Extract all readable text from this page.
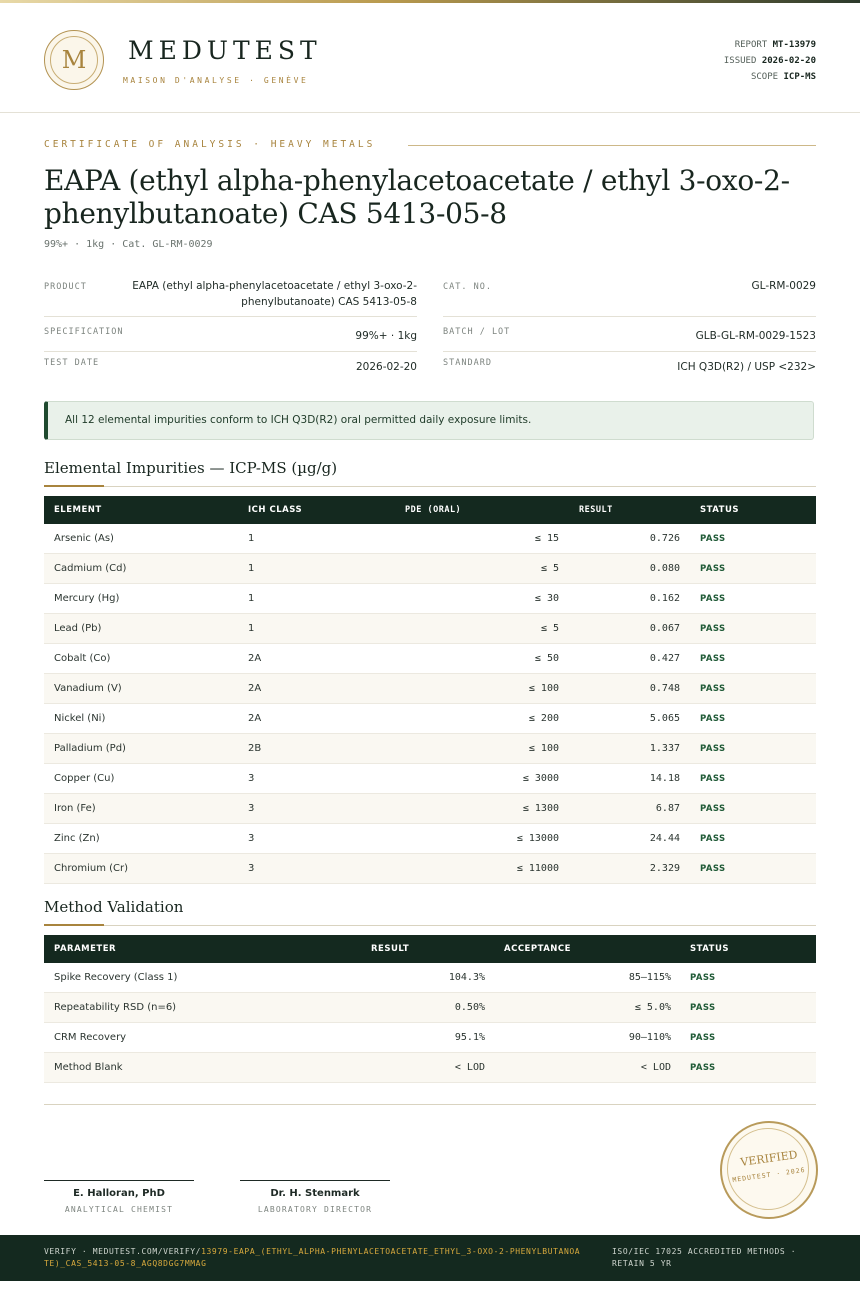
M	MEDUTEST
MAISON D'ANALYSE · GENÈVE
REPORT MT-13979
ISSUED 2026-02-20
SCOPE ICP-MS
CERTIFICATE OF ANALYSIS · HEAVY METALS
EAPA (ethyl alpha-phenylacetoacetate / ethyl 3-oxo-2-phenylbutanoate) CAS 5413-05-8
99%+ · 1kg · Cat. GL-RM-0029
PRODUCT	EAPA (ethyl alpha-phenylacetoacetate / ethyl 3-oxo-2-phenylbutanoate) CAS 5413-05-8
CAT. NO.	GL-RM-0029
SPECIFICATION	99%+ · 1kg	BATCH / LOT	GLB-GL-RM-0029-1523
TEST DATE	2026-02-20	STANDARD	ICH Q3D(R2) / USP <232>
All 12 elemental impurities conform to ICH Q3D(R2) oral permitted daily exposure limits.
Elemental Impurities — ICP-MS (µg/g)
ELEMENT	ICH CLASS	PDE (ORAL)	RESULT	STATUS
Arsenic (As)	1	≤ 15	0.726 PASS
Cadmium (Cd)	1	≤ 5	0.080 PASS
Mercury (Hg)	1	≤ 30	0.162 PASS
Lead (Pb)	1	≤ 5	0.067 PASS
Cobalt (Co)	2A	≤ 50	0.427 PASS
Vanadium (V)	2A	≤ 100	0.748 PASS
Nickel (Ni)	2A	≤ 200	5.065 PASS
Palladium (Pd)	2B	≤ 100	1.337 PASS
Copper (Cu)	3	≤ 3000	14.18 PASS
Iron (Fe)	3	≤ 1300	6.87 PASS
Zinc (Zn)	3	≤ 13000	24.44 PASS
Chromium (Cr)	3	≤ 11000	2.329 PASS
Method Validation
PARAMETER	RESULT	ACCEPTANCE	STATUS
Spike Recovery (Class 1)	104.3%	85–115% PASS
Repeatability RSD (n=6)	0.50%	≤ 5.0% PASS
CRM Recovery	95.1%	90–110% PASS
Method Blank	< LOD	< LOD PASS
E. Halloran, PhD
ANALYTICAL CHEMIST
Dr. H. Stenmark
LABORATORY DIRECTOR
VERIFIED
MEDUTEST · 2026
VERIFY · MEDUTEST.COM/VERIFY/13979-EAPA_(ETHYL_ALPHA-PHENYLACETOACETATE_ETHYL_3-OXO-2-PHENYLBUTANOATE)_CAS_5413-05-8_AGQ8DGG7MMAG
ISO/IEC 17025 ACCREDITED METHODS · RETAIN 5 YR
